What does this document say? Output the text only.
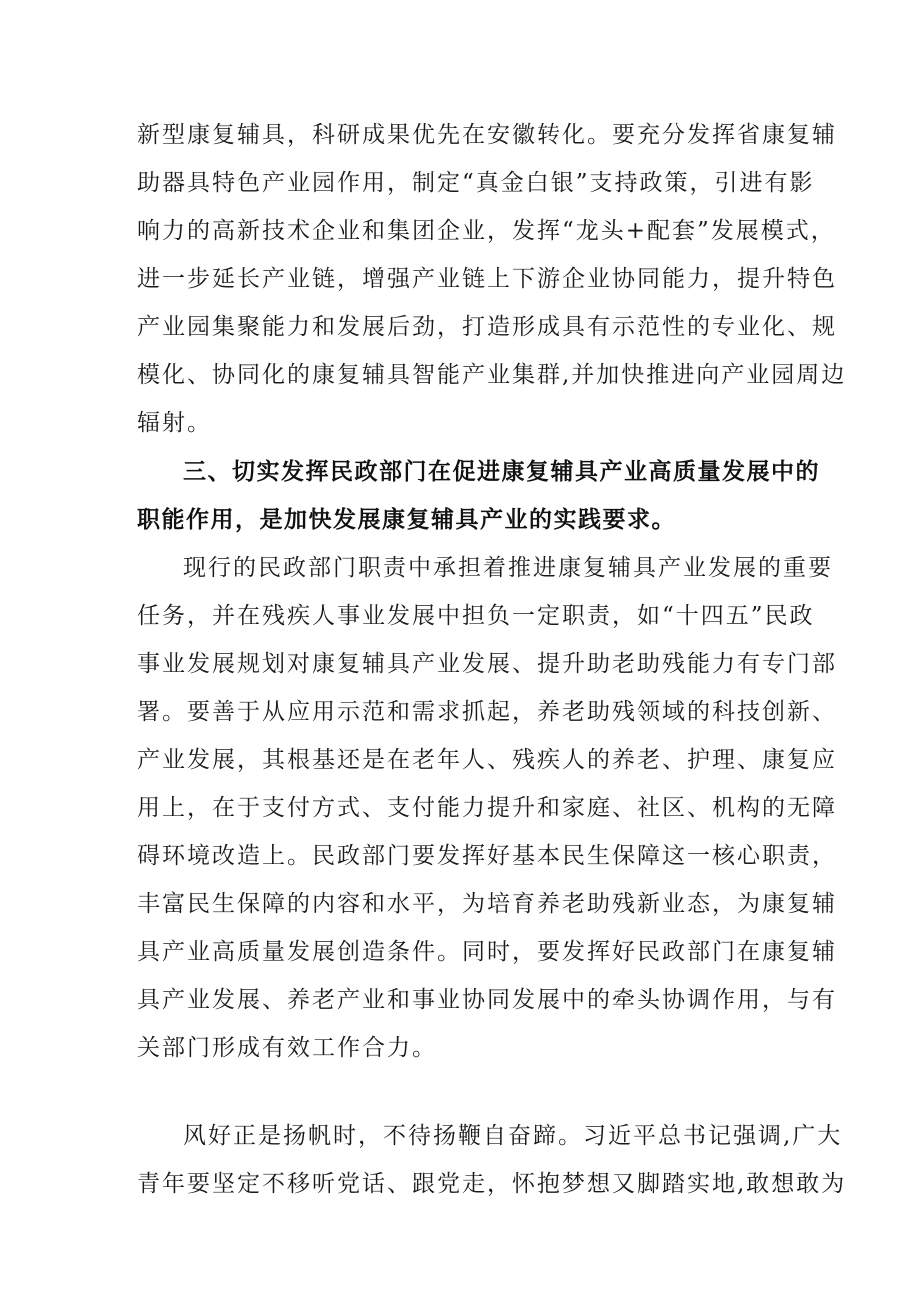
新型康复辅具，科研成果优先在安徽转化。要充分发挥省康复辅
助器具特色产业园作用，制定“真金白银”支持政策，引进有影
响力的高新技术企业和集团企业，发挥“龙头+配套”发展模式，
进一步延长产业链，增强产业链上下游企业协同能力，提升特色
产业园集聚能力和发展后劲，打造形成具有示范性的专业化、规
模化、协同化的康复辅具智能产业集群,并加快推进向产业园周边
辐射。
三、切实发挥民政部门在促进康复辅具产业高质量发展中的
职能作用，是加快发展康复辅具产业的实践要求。
现行的民政部门职责中承担着推进康复辅具产业发展的重要
任务，并在残疾人事业发展中担负一定职责，如“十四五”民政
事业发展规划对康复辅具产业发展、提升助老助残能力有专门部
署。要善于从应用示范和需求抓起，养老助残领域的科技创新、
产业发展，其根基还是在老年人、残疾人的养老、护理、康复应
用上，在于支付方式、支付能力提升和家庭、社区、机构的无障
碍环境改造上。民政部门要发挥好基本民生保障这一核心职责，
丰富民生保障的内容和水平，为培育养老助残新业态，为康复辅
具产业高质量发展创造条件。同时，要发挥好民政部门在康复辅
具产业发展、养老产业和事业协同发展中的牵头协调作用，与有
关部门形成有效工作合力。
风好正是扬帆时，不待扬鞭自奋蹄。习近平总书记强调,广大
青年要坚定不移听党话、跟党走，怀抱梦想又脚踏实地,敢想敢为
